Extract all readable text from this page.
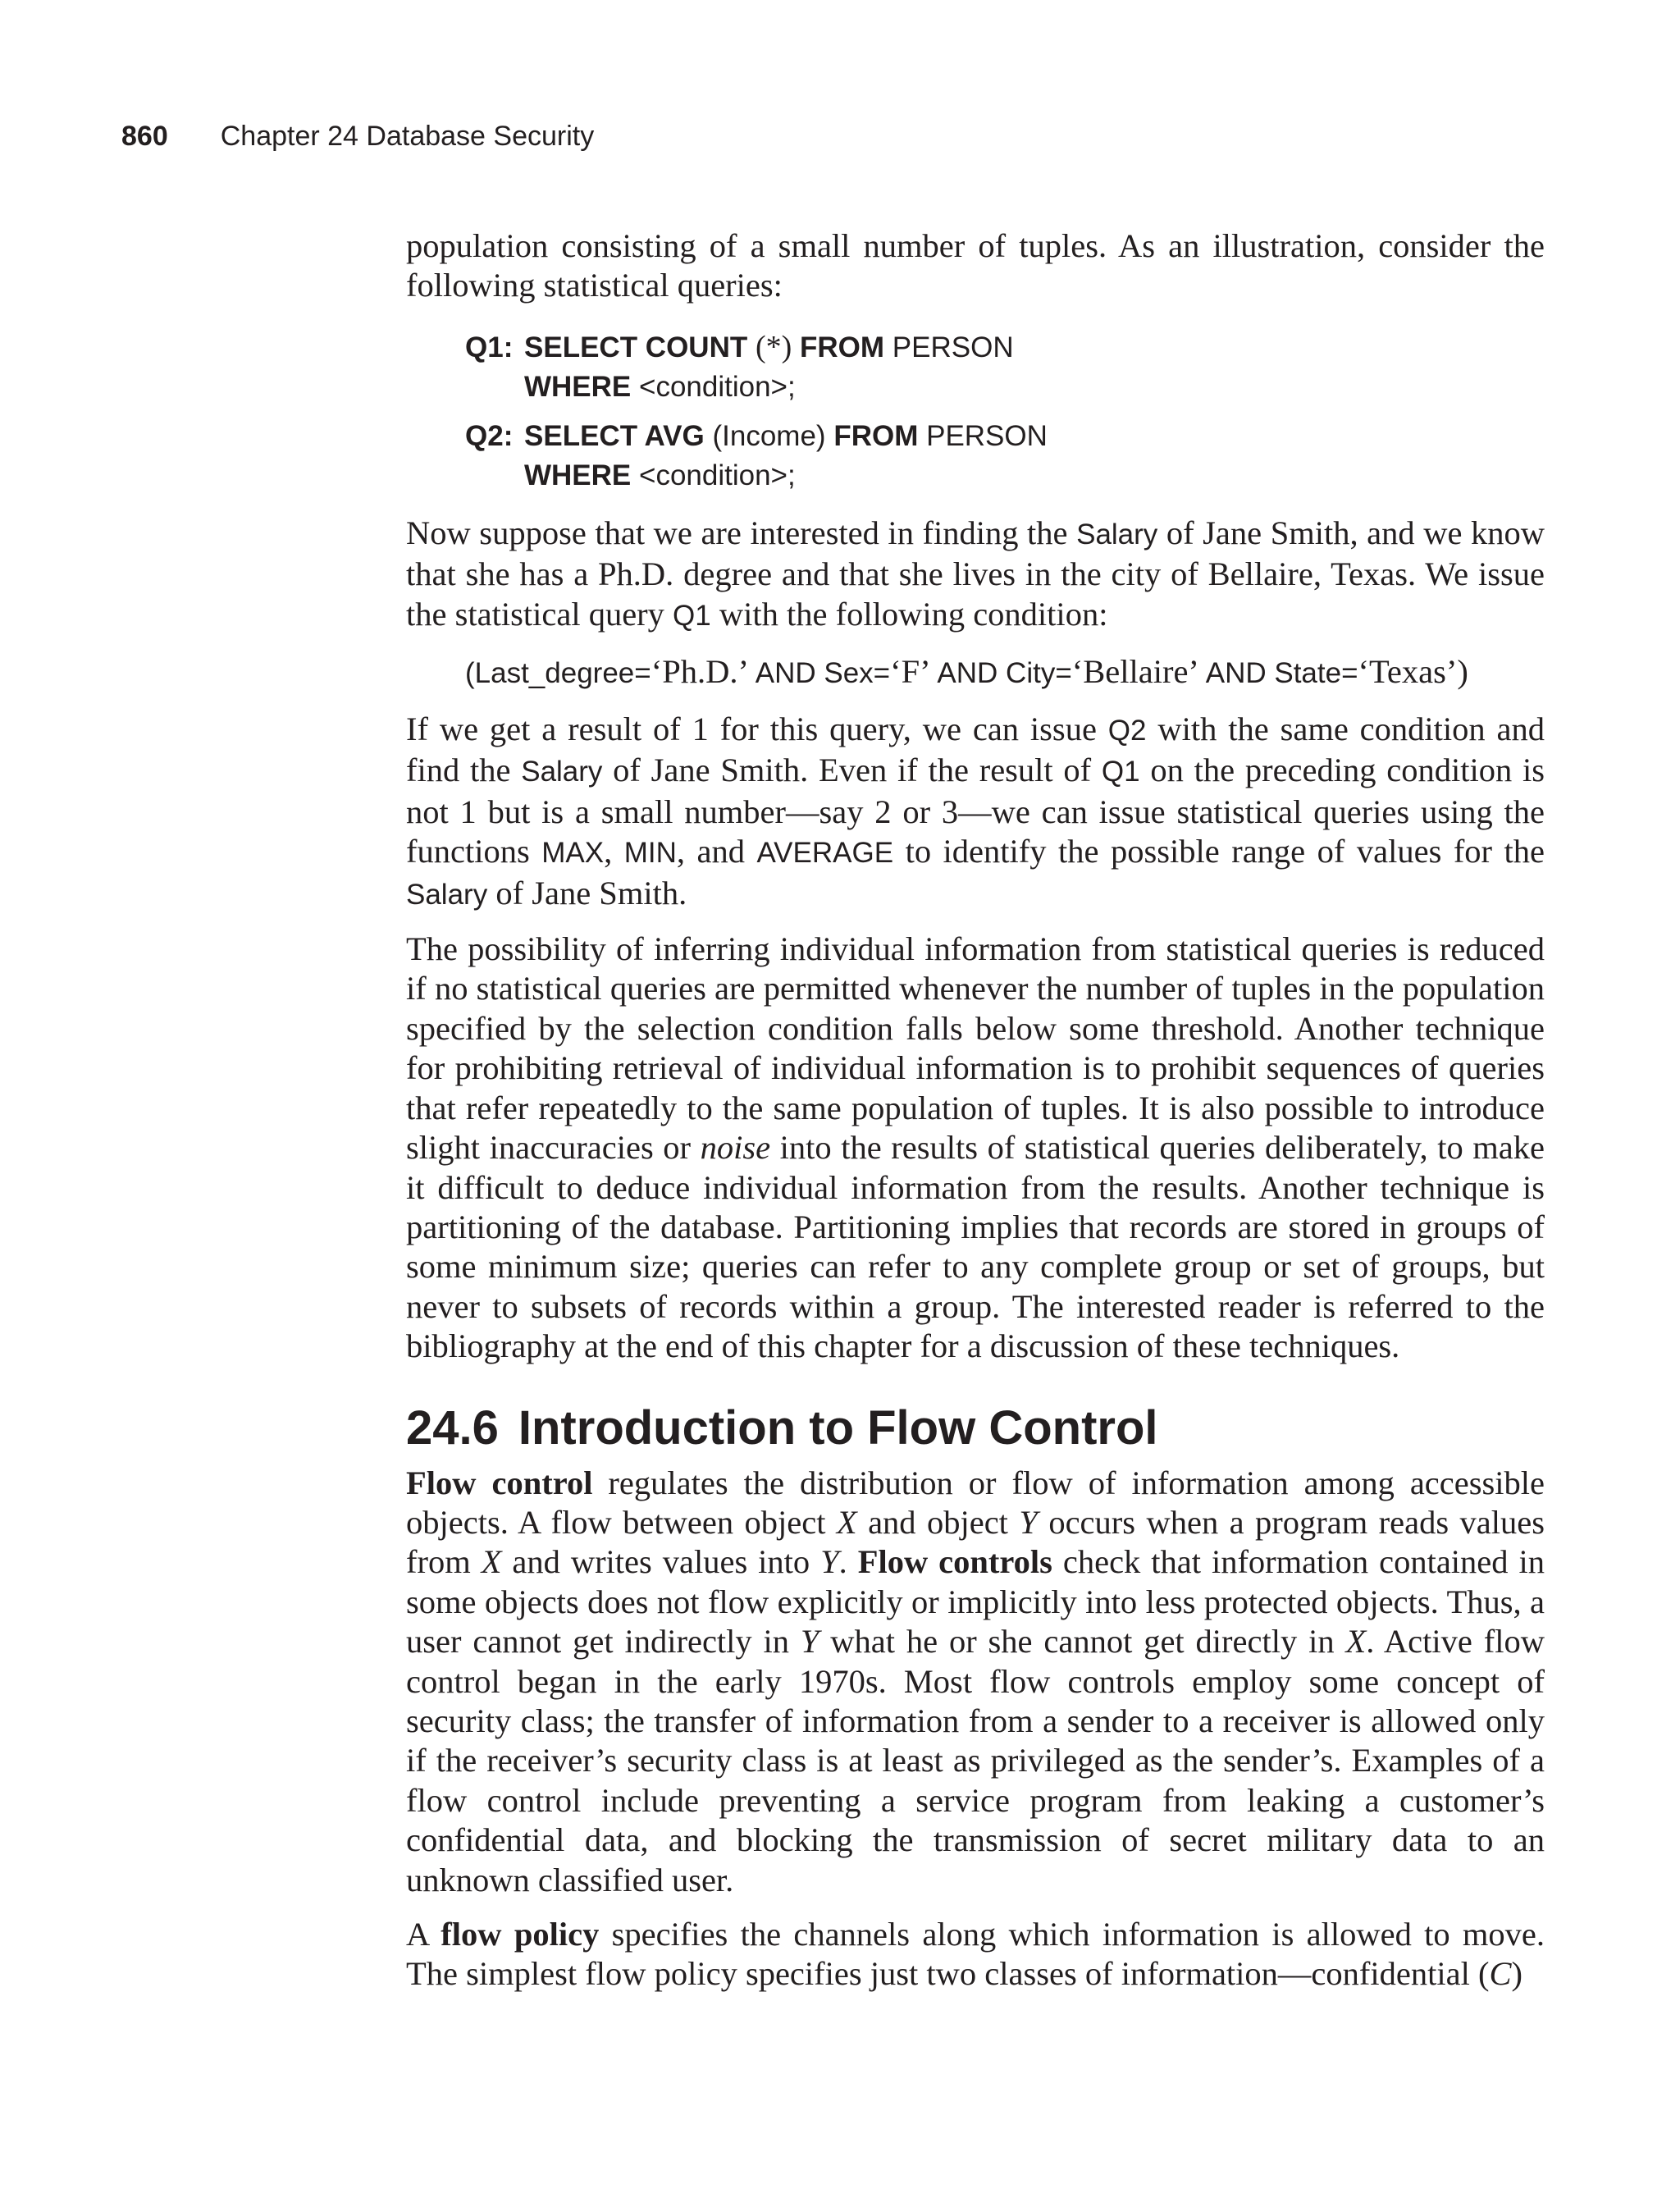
860 Chapter 24 Database Security

population consisting of a small number of tuples. As an illustration, consider the following statistical queries:

Q1: SELECT COUNT (*) FROM PERSON
WHERE <condition>;
Q2: SELECT AVG (Income) FROM PERSON
WHERE <condition>;

Now suppose that we are interested in finding the Salary of Jane Smith, and we know that she has a Ph.D. degree and that she lives in the city of Bellaire, Texas. We issue the statistical query Q1 with the following condition:

(Last_degree=‘Ph.D.’ AND Sex=‘F’ AND City=‘Bellaire’ AND State=‘Texas’)

If we get a result of 1 for this query, we can issue Q2 with the same condition and find the Salary of Jane Smith. Even if the result of Q1 on the preceding condition is not 1 but is a small number—say 2 or 3—we can issue statistical queries using the functions MAX, MIN, and AVERAGE to identify the possible range of values for the Salary of Jane Smith.

The possibility of inferring individual information from statistical queries is reduced if no statistical queries are permitted whenever the number of tuples in the population specified by the selection condition falls below some threshold. Another technique for prohibiting retrieval of individual information is to prohibit sequences of queries that refer repeatedly to the same population of tuples. It is also possible to introduce slight inaccuracies or noise into the results of statistical queries deliberately, to make it difficult to deduce individual information from the results. Another technique is partitioning of the database. Partitioning implies that records are stored in groups of some minimum size; queries can refer to any complete group or set of groups, but never to subsets of records within a group. The interested reader is referred to the bibliography at the end of this chapter for a discussion of these techniques.

24.6 Introduction to Flow Control

Flow control regulates the distribution or flow of information among accessible objects. A flow between object X and object Y occurs when a program reads values from X and writes values into Y. Flow controls check that information contained in some objects does not flow explicitly or implicitly into less protected objects. Thus, a user cannot get indirectly in Y what he or she cannot get directly in X. Active flow control began in the early 1970s. Most flow controls employ some concept of security class; the transfer of information from a sender to a receiver is allowed only if the receiver’s security class is at least as privileged as the sender’s. Examples of a flow control include preventing a service program from leaking a customer’s confidential data, and blocking the transmission of secret military data to an unknown classified user.

A flow policy specifies the channels along which information is allowed to move. The simplest flow policy specifies just two classes of information—confidential (C)
